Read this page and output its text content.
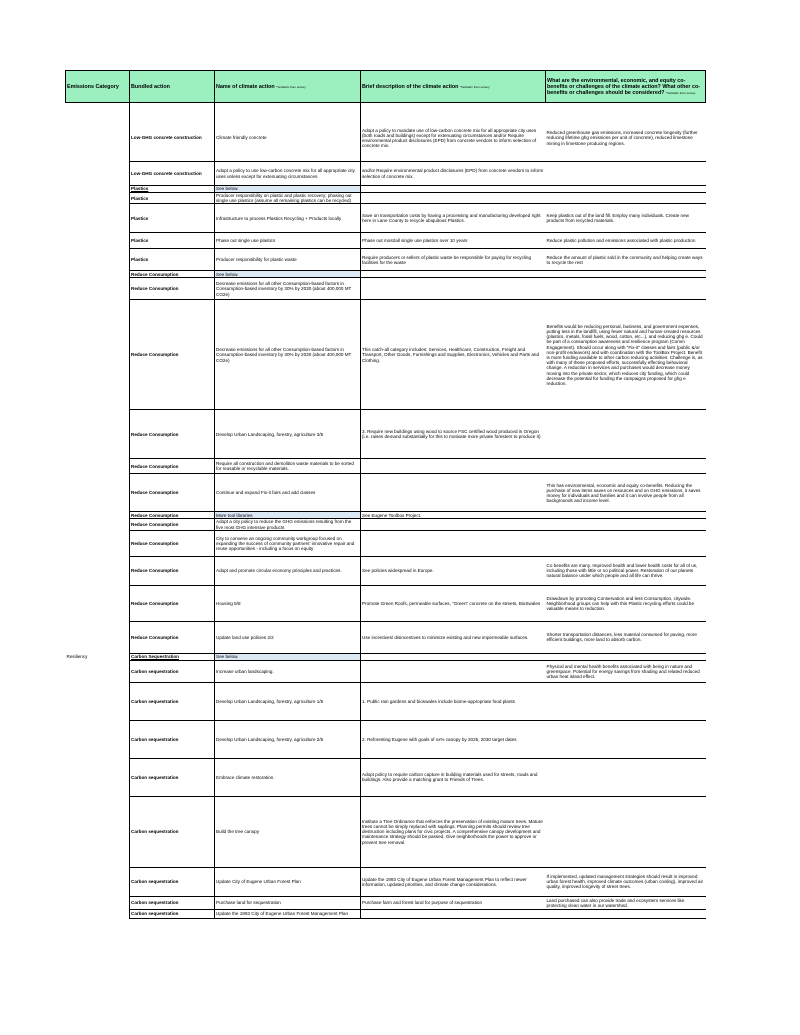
Emissions Category	Bundled action	Name of climate action *Verbatim from survey	Brief description of the climate action *Verbatim from survey	What are the environmental, economic, and equity co-benefits or challenges of the climate action? What other co-benefits or challenges should be considered? *Verbatim from survey

	Low-GHG concrete construction	Climate friendly concrete	Adopt a policy to mandate use of low-carbon concrete mix for all appropriate city uses (both roads and buildings) except for extenuating circumstances and/or Require environmental product disclosures (EPD) from concrete vendors to inform selection of concrete mix.	Reduced greenhouse gas emissions, increased concrete longevity (further reducing lifetime ghg emissions per unit of concrete), reduced limestone mining in limestone producing regions.
	Low-GHG concrete construction	Adopt a policy to use low-carbon concrete mix for all appropriate city uses unless except for extenuating circumstances	and/or Require environmental product disclosures (EPD) from concrete vendors to inform selection of concrete mix.	
	Plastics	See below.		
	Plastics	Producer responsibility on plastic and plastic recovery; phasing out single use plastics (assume all remaining plastics can be recycled)		
	Plastics	Infrastructure to process Plastics Recycling + Products locally	Save on transportation costs by having a processing and manufacturing developed right here in Lane County to recycle ubiquitous Plastics.	Keep plastics out of the land fill. Employ many individuals. Create new products from recycled materials.
	Plastics	Phase out single use plastics	Phase out most/all single use plastics over 10 years	Reduce plastic pollution and emissions associated with plastic production
	Plastics	Producer responsibility for plastic waste	Require producers or sellers of plastic waste be responsible for paying for recycling facilities for the waste	Reduce the amount of plastic sold in the community and helping create ways to recycle the rest
	Reduce Consumption	See below.		
	Reduce Consumption	Decrease emissions for all other Consumption-based factors in Consumption-based inventory by 30% by 2030 (about 400,000 MT CO2e)		
	Reduce Consumption	Decrease emissions for all other Consumption-based factors in Consumption-based inventory by 30% by 2030 (about 400,000 MT CO2e)	This catch-all category includes: Services, Healthcare, Construction, Freight and Transport, Other Goods, Furnishings and Supplies, Electronics, Vehicles and Parts and Clothing.	Benefits would be reducing personal, business, and government expenses, putting less in the landfill, using fewer natural and human-created resources (plastics, metals, fossil fuels, wood, cotton, etc...), and reducing ghg e. Could be part of a consumption awareness and resilience program (Comm Engagement). Should occur along with "Fix-it" classes and fairs (public &/or non-profit endeavors) and with coordination with the ToolBox Project. Benefit is more funding available to other carbon reducing activities. Challenge is, as with many of these proposed efforts, successfully effecting behavioral change. A reduction in services and purchases would decrease money moving into the private sector, which reduces city funding, which could decrease the potential for funding the campaigns proposed for ghg e reduction.
	Reduce Consumption	Develop Urban Landscaping, forestry, agriculture 3/5	3. Require new buildings using wood to source FSC certified wood produced in Oregon (i.e. raises demand substantially for this to motivate more private foresters to produce it)	
	Reduce Consumption	Require all construction and demolition waste materials to be sorted for reusable or recyclable materials.		
	Reduce Consumption	Continue and expand Fix-it fairs and add classes		This has environmental, economic and equity co-benefits. Reducing the purchase of new items saves on resources and on GHG emissions, it saves money for individuals and families and it can involve people from all backgrounds and income level.
	Reduce Consumption	More tool libraries	See Eugene Toolbox Project.	
	Reduce Consumption	Adopt a city policy to reduce the GHG emissions resulting from the five most GHG intensive products		
	Reduce Consumption	City to convene an ongoing community workgroup focused on expanding the success of community partners' innovative repair and reuse opportunities - including a focus on equity		
	Reduce Consumption	Adopt and promote circular economy principles and practices.	See policies widespread in Europe.	Co benefits are many. Improved health and lower health costs for all of us, including those with little or no political power. Restoration of our planets natural balance under which people and all life can thrive.
	Reduce Consumption	Housing 5/8	Promote Green Roofs, permeable surfaces, "Green" concrete on the streets, BioSwales	Drawdown by promoting Conservation and less Consumption, citywide. Neighborhood groups can help with this Plastic recycling efforts could be valuable means to reduction.
	Reduce Consumption	Update land use policies 2/2	Use incentives/ disincentives to minimize existing and new impermeable surfaces.	Shorter transportation distances, less material consumed for paving, more efficient buildings, more land to absorb carbon.
Resiliency	Carbon Sequestration	See below.		
	Carbon sequestration	Increase urban landscaping.		Physical and mental health benefits associated with being in nature and greenspace. Potential for energy savings from shading and related reduced urban heat island effect.
	Carbon sequestration	Develop Urban Landscaping, forestry, agriculture 1/5	1. Public rain gardens and bioswales include biome-appropriate food plants	
	Carbon sequestration	Develop Urban Landscaping, forestry, agriculture 2/5	2. Reforesting Eugene with goals of xx% canopy by 2025, 2030 target dates	
	Carbon sequestration	Embrace climate restoration.	Adopt policy to require carbon capture in building materials used for streets, roads and buildings. Also provide a matching grant to Friends of Trees.	
	Carbon sequestration	Build the tree canopy	Institute a Tree Ordinance that enforces the preservation of existing mature trees. Mature trees cannot be simply replaced with saplings. Planning permits should review tree destruction including plans for civic projects. A comprehensive canopy development and maintenance strategy should be passed. Give neighborhoods the power to approve or prevent tree removal.	
	Carbon sequestration	Update City of Eugene Urban Forest Plan	Update the 1993 City of Eugene Urban Forest Management Plan to reflect newer information, updated priorities, and climate change considerations.	If implemented, updated management strategies should result in improved urban forest health, improved climate outcomes (urban cooling), improved air quality, improved longevity of street trees.
	Carbon sequestration	Purchase land for sequestration	Purchase farm and forest land for purpose of sequestration	Land purchased can also provide trade and ecosystem services like protecting clean water in our watershed.
	Carbon sequestration	Update the 1993 City of Eugene Urban Forest Management Plan		
